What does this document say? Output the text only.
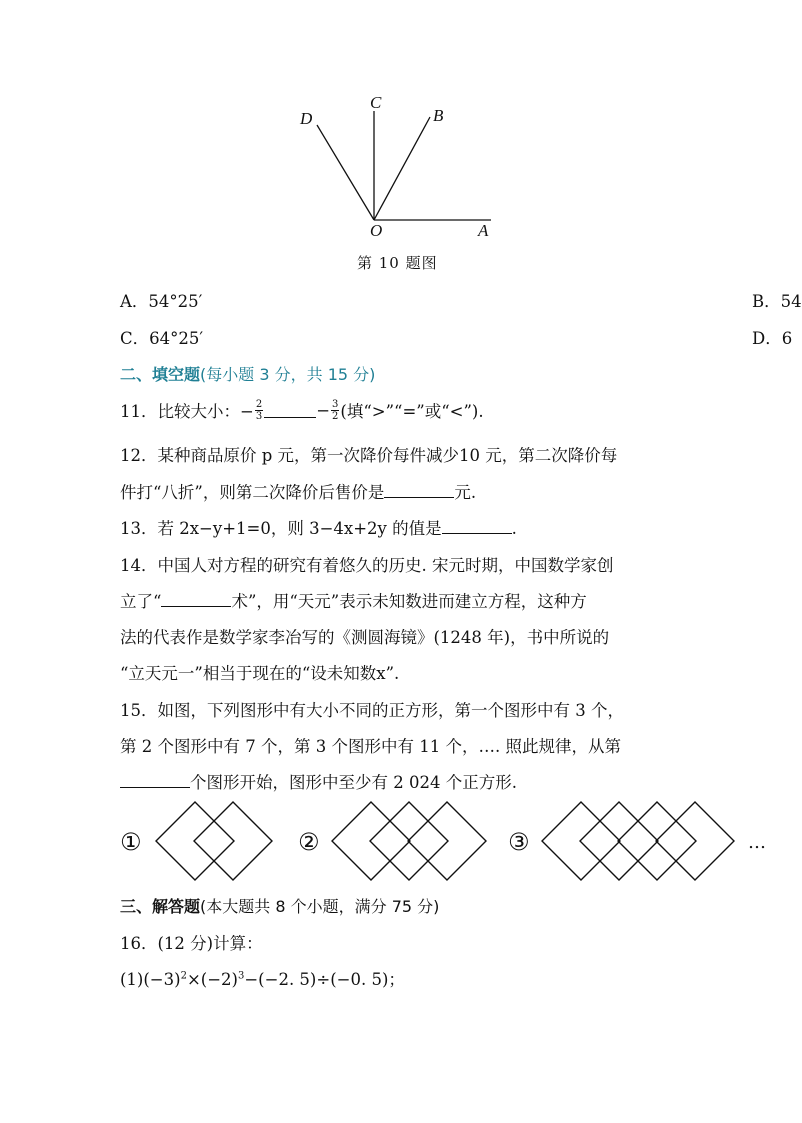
D
C
B
O	A
第 10 题图
A．54°25′	B．54
C．64°25′	D．6
二、填空题(每小题 3 分，共 15 分)
11． 比较大小：− $\frac{2}{3}$	− $\frac{3}{2}$ (填“>”“=”或“<”).
12．某种商品原价 p 元，第一次降价每件减少10 元，第二次降价每
件打“八折”，则第二次降价后售价是	元.
13．若 2x−y+1=0，则 3−4x+2y 的值是	.
14．中国人对方程的研究有着悠久的历史. 宋元时期，中国数学家创
立了“	术”，用“天元”表示未知数进而建立方程，这种方
法的代表作是数学家李冶写的《测圆海镜》(1248 年)，书中所说的
“立天元一”相当于现在的“设未知数x”.
15．如图，下列图形中有大小不同的正方形，第一个图形中有 3 个，
第 2 个图形中有 7 个，第 3 个图形中有 11 个，…. 照此规律，从第
个图形开始，图形中至少有 2 024 个正方形.
①	②	③	…
三、解答题(本大题共 8 个小题，满分 75 分)
16．(12 分)计算：
$(1)(-3)^2\times(-2)^3-(-2$. 5)÷(−0. 5)；
